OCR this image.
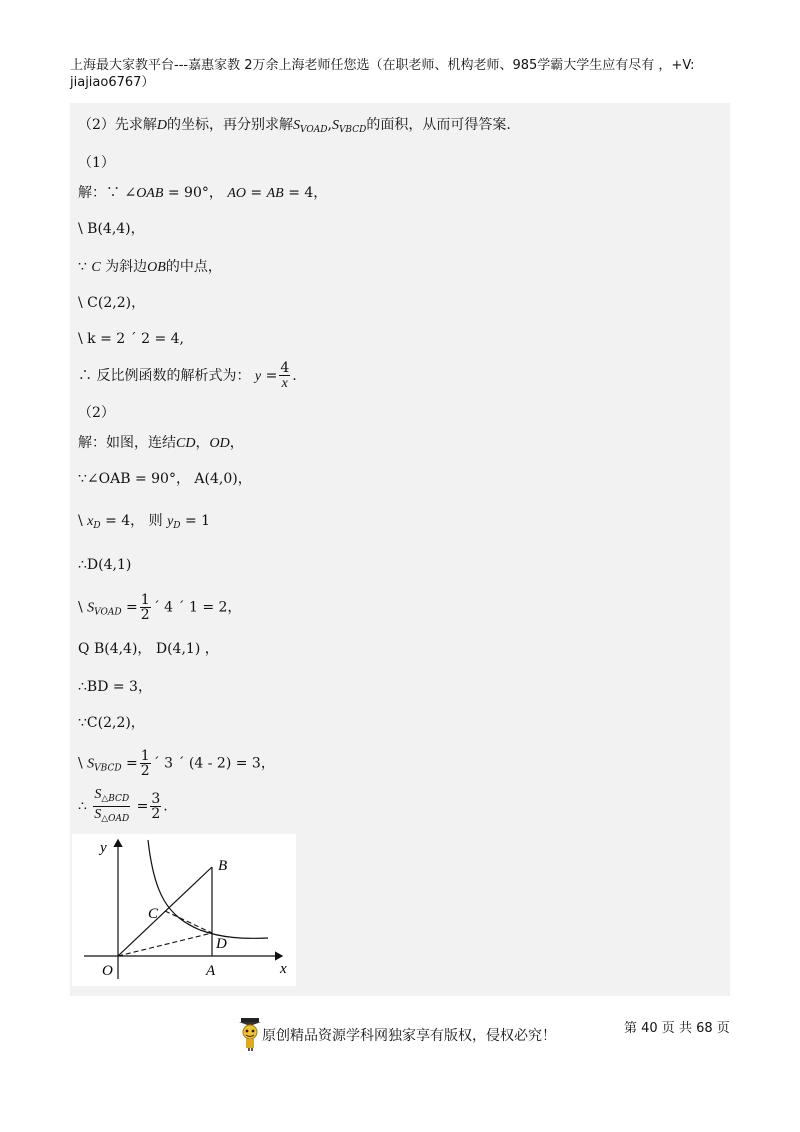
上海最大家教平台---嘉惠家教 2万余上海老师任您选（在职老师、机构老师、985学霸大学生应有尽有 ，+V: jiajiao6767）
（2）先求解D的坐标，再分别求解$S_{VOAD},S_{VBCD}$的面积，从而可得答案.
（1）
解：∵ ∠OAB = 90°， AO = AB = 4，
\ B(4,4)，
∵ C 为斜边OB的中点，
\ C(2,2)，
\ k = 2 ´ 2 = 4,
∴ 反比例函数的解析式为： $y = \frac{4}{x}$ .
（2）
解：如图，连结CD，OD，
∵∠OAB = 90°， A(4,0)，
\ $x_D = 4$， 则 $y_D = 1$
∴D(4,1)
\ $S_{VOAD} = \frac{1}{2}$ ´ 4 ´ 1 = 2，
Q B(4,4)， D(4,1) ，
∴BD = 3，
∵C(2,2)，
\ $S_{VBCD} = \frac{1}{2}$ ´ 3 ´ (4 - 2) = 3，
∴ $\frac{S_{\triangle BCD}}{S_{\triangle OAD}} = \frac{3}{2}$ .
y
x
O	A
B
C
D
原创精品资源学科网独家享有版权，侵权必究！	第 40 页 共 68 页
